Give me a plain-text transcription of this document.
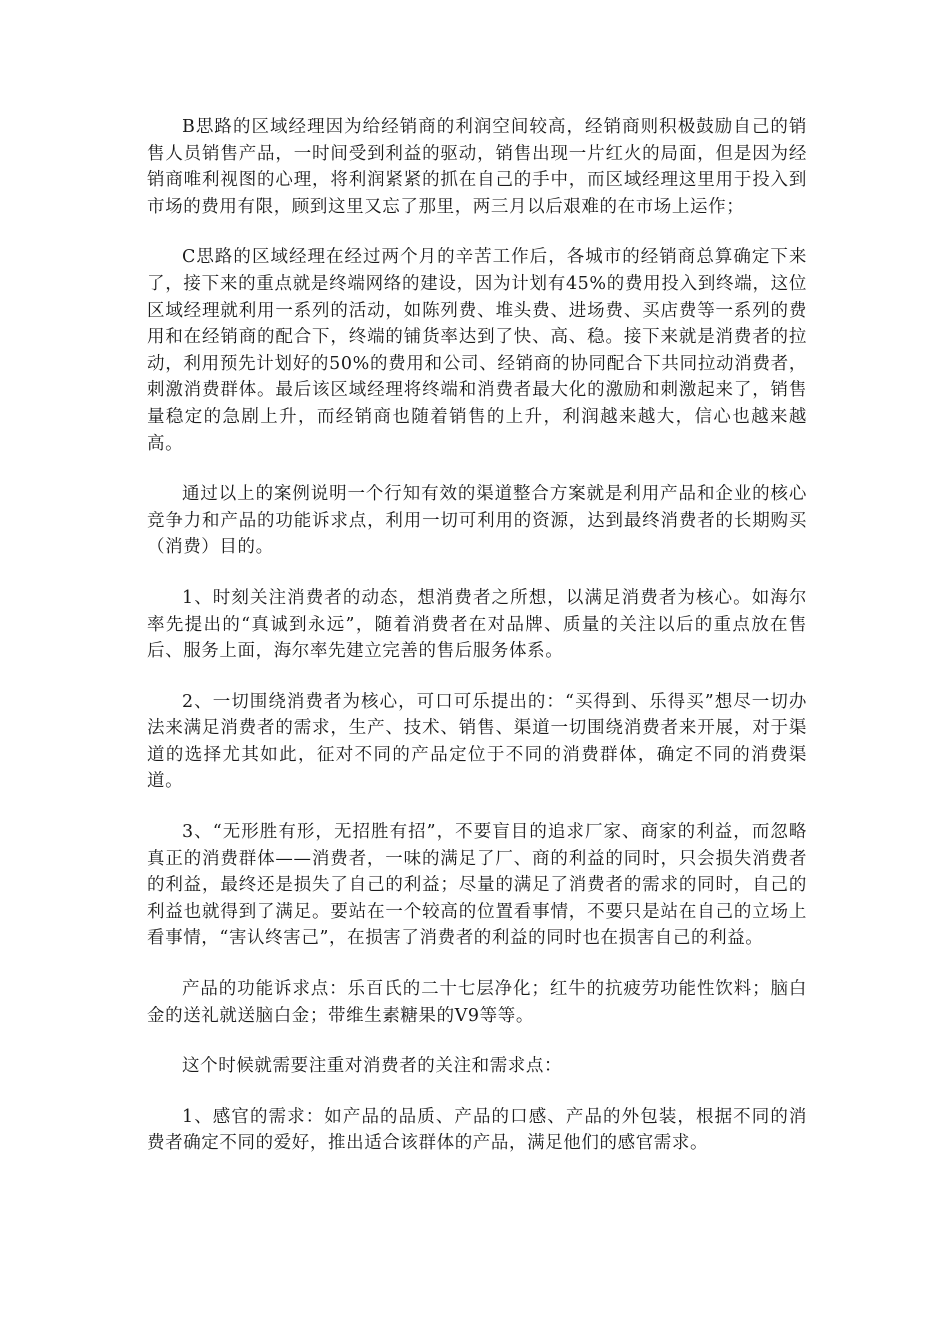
B思路的区域经理因为给经销商的利润空间较高，经销商则积极鼓励自己的销售人员销售产品，一时间受到利益的驱动，销售出现一片红火的局面，但是因为经销商唯利视图的心理，将利润紧紧的抓在自己的手中，而区域经理这里用于投入到市场的费用有限，顾到这里又忘了那里，两三月以后艰难的在市场上运作；

C思路的区域经理在经过两个月的辛苦工作后，各城市的经销商总算确定下来了，接下来的重点就是终端网络的建设，因为计划有45%的费用投入到终端，这位区域经理就利用一系列的活动，如陈列费、堆头费、进场费、买店费等一系列的费用和在经销商的配合下，终端的铺货率达到了快、高、稳。接下来就是消费者的拉动，利用预先计划好的50%的费用和公司、经销商的协同配合下共同拉动消费者，刺激消费群体。最后该区域经理将终端和消费者最大化的激励和刺激起来了，销售量稳定的急剧上升，而经销商也随着销售的上升，利润越来越大，信心也越来越高。

通过以上的案例说明一个行知有效的渠道整合方案就是利用产品和企业的核心竞争力和产品的功能诉求点，利用一切可利用的资源，达到最终消费者的长期购买（消费）目的。

1、时刻关注消费者的动态，想消费者之所想，以满足消费者为核心。如海尔率先提出的“真诚到永远”，随着消费者在对品牌、质量的关注以后的重点放在售后、服务上面，海尔率先建立完善的售后服务体系。

2、一切围绕消费者为核心，可口可乐提出的：“买得到、乐得买”想尽一切办法来满足消费者的需求，生产、技术、销售、渠道一切围绕消费者来开展，对于渠道的选择尤其如此，征对不同的产品定位于不同的消费群体，确定不同的消费渠道。

3、“无形胜有形，无招胜有招”，不要盲目的追求厂家、商家的利益，而忽略真正的消费群体——消费者，一味的满足了厂、商的利益的同时，只会损失消费者的利益，最终还是损失了自己的利益；尽量的满足了消费者的需求的同时，自己的利益也就得到了满足。要站在一个较高的位置看事情，不要只是站在自己的立场上看事情，“害认终害己”，在损害了消费者的利益的同时也在损害自己的利益。

产品的功能诉求点：乐百氏的二十七层净化；红牛的抗疲劳功能性饮料；脑白金的送礼就送脑白金；带维生素糖果的V9等等。

这个时候就需要注重对消费者的关注和需求点：

1、感官的需求：如产品的品质、产品的口感、产品的外包装，根据不同的消费者确定不同的爱好，推出适合该群体的产品，满足他们的感官需求。
